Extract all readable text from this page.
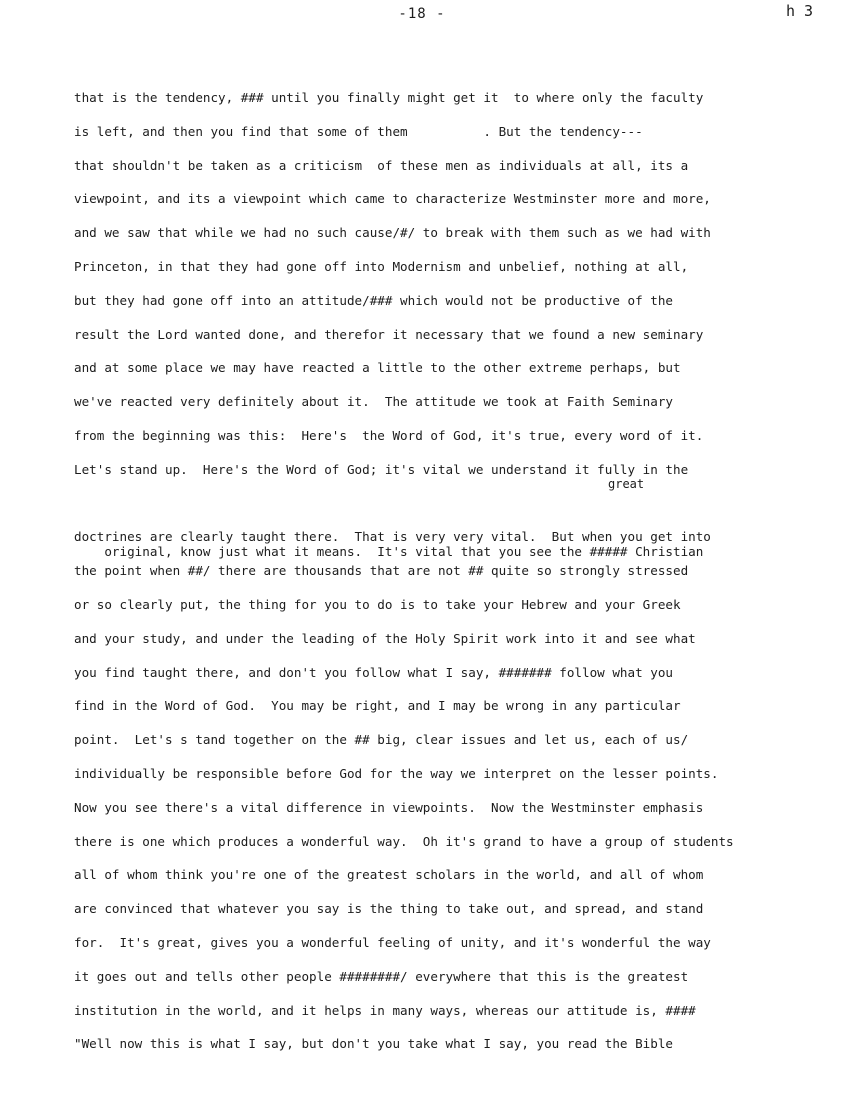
-18 -	h 3
that is the tendency, ### until you finally might get it  to where only the faculty
is left, and then you find that some of them          . But the tendency---
that shouldn't be taken as a criticism  of these men as individuals at all, its a
viewpoint, and its a viewpoint which came to characterize Westminster more and more,
and we saw that while we had no such cause/#/ to break with them such as we had with
Princeton, in that they had gone off into Modernism and unbelief, nothing at all,
but they had gone off into an attitude/### which would not be productive of the
result the Lord wanted done, and therefor it necessary that we found a new seminary
and at some place we may have reacted a little to the other extreme perhaps, but
we've reacted very definitely about it.  The attitude we took at Faith Seminary
from the beginning was this:  Here's  the Word of God, it's true, every word of it.
Let's stand up.  Here's the Word of God; it's vital we understand it fully in the

great

original, know just what it means.  It's vital that you see the ##### Christian

doctrines are clearly taught there.  That is very very vital.  But when you get into
the point when ##/ there are thousands that are not ## quite so strongly stressed
or so clearly put, the thing for you to do is to take your Hebrew and your Greek
and your study, and under the leading of the Holy Spirit work into it and see what
you find taught there, and don't you follow what I say, ####### follow what you
find in the Word of God.  You may be right, and I may be wrong in any particular
point.  Let's s tand together on the ## big, clear issues and let us, each of us/
individually be responsible before God for the way we interpret on the lesser points.
Now you see there's a vital difference in viewpoints.  Now the Westminster emphasis
there is one which produces a wonderful way.  Oh it's grand to have a group of students
all of whom think you're one of the greatest scholars in the world, and all of whom
are convinced that whatever you say is the thing to take out, and spread, and stand
for.  It's great, gives you a wonderful feeling of unity, and it's wonderful the way
it goes out and tells other people ########/ everywhere that this is the greatest
institution in the world, and it helps in many ways, whereas our attitude is, ####
"Well now this is what I say, but don't you take what I say, you read the Bible
